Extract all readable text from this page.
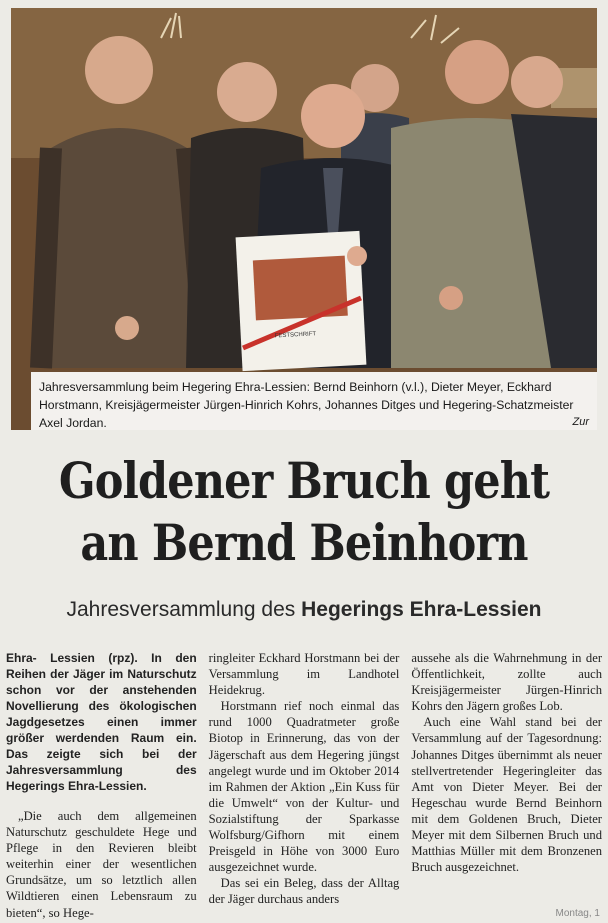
FESTSCHRIFT
Jahresversammlung beim Hegering Ehra-Lessien: Bernd Beinhorn (v.l.), Dieter Meyer, Eckhard Horstmann, Kreisjägermeister Jürgen-Hinrich Kohrs, Johannes Ditges und Hegering-Schatzmeister Axel Jordan.	Zur
Goldener Bruch geht
an Bernd Beinhorn
Jahresversammlung des Hegerings Ehra-Lessien

Ehra- Lessien (rpz). In den Reihen der Jäger im Naturschutz schon vor der anstehenden Novellierung des ökologischen Jagdgesetzes einen immer größer werdenden Raum ein. Das zeigte sich bei der Jahresversammlung des Hegerings Ehra-Lessien.

„Die auch dem allgemeinen Naturschutz geschuldete Hege und Pflege in den Revieren bleibt weiterhin einer der wesentlichen Grundsätze, um so letztlich allen Wildtieren einen Lebensraum zu bieten“, so Hege-

ringleiter Eckhard Horstmann bei der Versammlung im Landhotel Heidekrug.

Horstmann rief noch einmal das rund 1000 Quadratmeter große Biotop in Erinnerung, das von der Jägerschaft aus dem Hegering jüngst angelegt wurde und im Oktober 2014 im Rahmen der Aktion „Ein Kuss für die Umwelt“ von der Kultur- und Sozialstiftung der Sparkasse Wolfsburg/Gifhorn mit einem Preisgeld in Höhe von 3000 Euro ausgezeichnet wurde.

Das sei ein Beleg, dass der Alltag der Jäger durchaus anders

aussehe als die Wahrnehmung in der Öffentlichkeit, zollte auch Kreisjägermeister Jürgen-Hinrich Kohrs den Jägern großes Lob.

Auch eine Wahl stand bei der Versammlung auf der Tagesordnung: Johannes Ditges übernimmt als neuer stellvertretender Hegeringleiter das Amt von Dieter Meyer. Bei der Hegeschau wurde Bernd Beinhorn mit dem Goldenen Bruch, Dieter Meyer mit dem Silbernen Bruch und Matthias Müller mit dem Bronzenen Bruch ausgezeichnet.

Montag, 1
